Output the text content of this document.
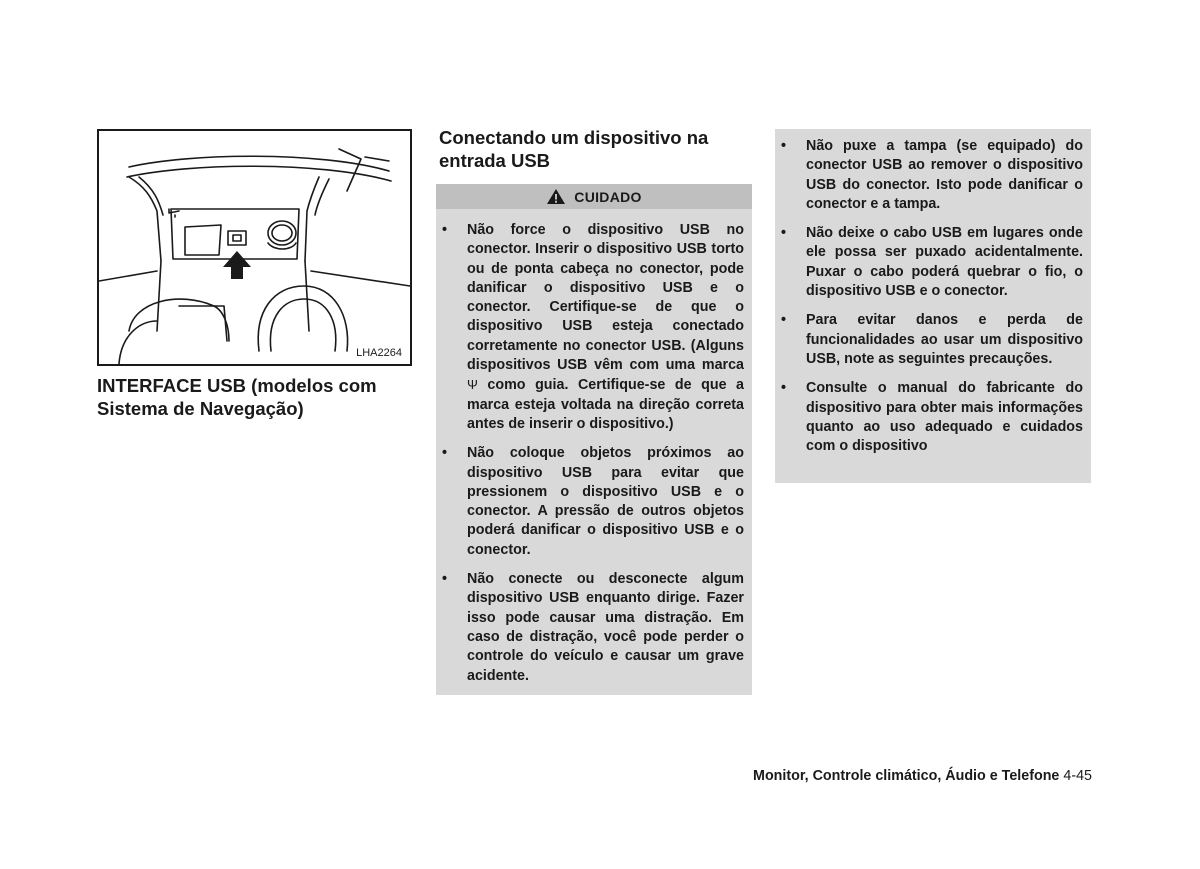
LHA2264
INTERFACE USB (modelos com
Sistema de Navegação)
Conectando um dispositivo na
entrada USB
CUIDADO
• Não force o dispositivo USB no conector. Inserir o dispositivo USB torto ou de ponta cabeça no conector, pode danificar o dispositivo USB e o conector. Certifique-se de que o dispositivo USB esteja conectado corretamente no conector USB. (Alguns dispositivos USB vêm com uma marca Ψ como guia. Certifique-se de que a marca esteja voltada na direção correta antes de inserir o dispositivo.)
• Não coloque objetos próximos ao dispositivo USB para evitar que pressionem o dispositivo USB e o conector. A pressão de outros objetos poderá danificar o dispositivo USB e o conector.
• Não conecte ou desconecte algum dispositivo USB enquanto dirige. Fazer isso pode causar uma distração. Em caso de distração, você pode perder o controle do veículo e causar um grave acidente.
• Não puxe a tampa (se equipado) do conector USB ao remover o dispositivo USB do conector. Isto pode danificar o conector e a tampa.
• Não deixe o cabo USB em lugares onde ele possa ser puxado acidentalmente. Puxar o cabo poderá quebrar o fio, o dispositivo USB e o conector.
• Para evitar danos e perda de funcionalidades ao usar um dispositivo USB, note as seguintes precauções.
• Consulte o manual do fabricante do dispositivo para obter mais informações quanto ao uso adequado e cuidados com o dispositivo
Monitor, Controle climático, Áudio e Telefone 4-45
